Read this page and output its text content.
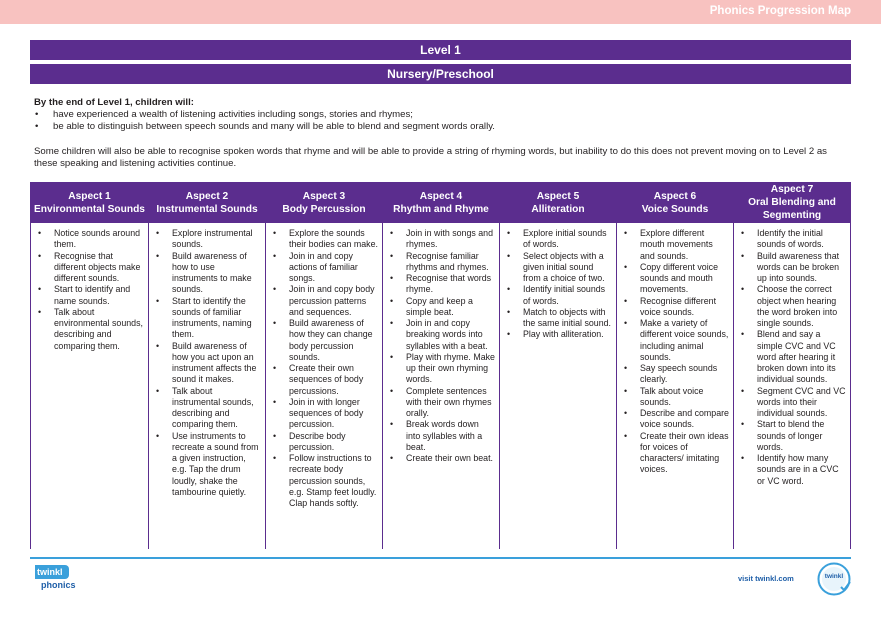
Phonics Progression Map
Level 1
Nursery/Preschool
By the end of Level 1, children will:
• have experienced a wealth of listening activities including songs, stories and rhymes;
• be able to distinguish between speech sounds and many will be able to blend and segment words orally.
Some children will also be able to recognise spoken words that rhyme and will be able to provide a string of rhyming words, but inability to do this does not prevent moving on to Level 2 as these speaking and listening activities continue.
Aspect 1
Environmental Sounds
• Notice sounds around them.
• Recognise that different objects make different sounds.
• Start to identify and name sounds.
• Talk about environmental sounds, describing and comparing them.
Aspect 2
Instrumental Sounds
• Explore instrumental sounds.
• Build awareness of how to use instruments to make sounds.
• Start to identify the sounds of familiar instruments, naming them.
• Build awareness of how you act upon an instrument affects the sound it makes.
• Talk about instrumental sounds, describing and comparing them.
• Use instruments to recreate a sound from a given instruction, e.g. Tap the drum loudly, shake the tambourine quietly.
Aspect 3
Body Percussion
• Explore the sounds their bodies can make.
• Join in and copy actions of familiar songs.
• Join in and copy body percussion patterns and sequences.
• Build awareness of how they can change body percussion sounds.
• Create their own sequences of body percussions.
• Join in with longer sequences of body percussion.
• Describe body percussion.
• Follow instructions to recreate body percussion sounds, e.g. Stamp feet loudly. Clap hands softly.
Aspect 4
Rhythm and Rhyme
• Join in with songs and rhymes.
• Recognise familiar rhythms and rhymes.
• Recognise that words rhyme.
• Copy and keep a simple beat.
• Join in and copy breaking words into syllables with a beat.
• Play with rhyme. Make up their own rhyming words.
• Complete sentences with their own rhymes orally.
• Break words down into syllables with a beat.
• Create their own beat.
Aspect 5
Alliteration
• Explore initial sounds of words.
• Select objects with a given initial sound from a choice of two.
• Identify initial sounds of words.
• Match to objects with the same initial sound.
• Play with alliteration.
Aspect 6
Voice Sounds
• Explore different mouth movements and sounds.
• Copy different voice sounds and mouth movements.
• Recognise different voice sounds.
• Make a variety of different voice sounds, including animal sounds.
• Say speech sounds clearly.
• Talk about voice sounds.
• Describe and compare voice sounds.
• Create their own ideas for voices of characters/ imitating voices.
Aspect 7
Oral Blending and Segmenting
• Identify the initial sounds of words.
• Build awareness that words can be broken up into sounds.
• Choose the correct object when hearing the word broken into single sounds.
• Blend and say a simple CVC and VC word after hearing it broken down into its individual sounds.
• Segment CVC and VC words into their individual sounds.
• Start to blend the sounds of longer words.
• Identify how many sounds are in a CVC or VC word.
twinkl
phonics
visit twinkl.com	twinkl
